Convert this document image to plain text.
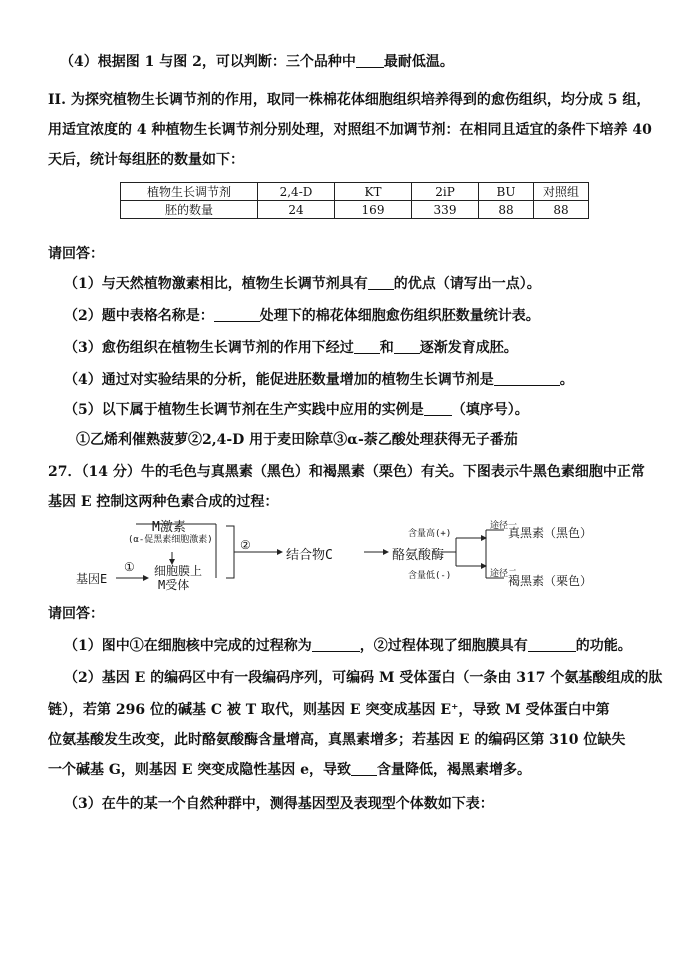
（4）根据图 1 与图 2，可以判断：三个品种中 最耐低温。
II. 为探究植物生长调节剂的作用，取同一株棉花体细胞组织培养得到的愈伤组织，均分成 5 组，
用适宜浓度的 4 种植物生长调节剂分别处理，对照组不加调节剂：在相同且适宜的条件下培养 40
天后，统计每组胚的数量如下：
植物生长调节剂	2,4-D	KT	2iP	BU	对照组
胚的数量	24	169	339	88	88
请回答：
（1）与天然植物激素相比，植物生长调节剂具有 的优点（请写出一点）。
（2）题中表格名称是：	处理下的棉花体细胞愈伤组织胚数量统计表。
（3）愈伤组织在植物生长调节剂的作用下经过 和 逐渐发育成胚。
（4）通过对实验结果的分析，能促进胚数量增加的植物生长调节剂是	。
（5）以下属于植物生长调节剂在生产实践中应用的实例是 （填序号）。
①乙烯利催熟菠萝②2,4-D 用于麦田除草③α-萘乙酸处理获得无子番茄
27．（14 分）牛的毛色与真黑素（黑色）和褐黑素（栗色）有关。下图表示牛黑色素细胞中正常
基因 E 控制这两种色素合成的过程：
M激素
(α-促黑素细胞激素)
基因E
①
②
细胞膜上
M受体
结合物C	酪氨酸酶
含量高(+)
含量低(-)
途径一
途径二
真黑素（黑色）
褐黑素（栗色）
请回答：
（1）图中①在细胞核中完成的过程称为	，②过程体现了细胞膜具有	的功能。
（2）基因 E 的编码区中有一段编码序列，可编码 M 受体蛋白（一条由 317 个氨基酸组成的肽
链），若第 296 位的碱基 C 被 T 取代，则基因 E 突变成基因 E⁺，导致 M 受体蛋白中第
位氨基酸发生改变，此时酪氨酸酶含量增高，真黑素增多；若基因 E 的编码区第 310 位缺失
一个碱基 G，则基因 E 突变成隐性基因 e，导致 含量降低，褐黑素增多。
（3）在牛的某一个自然种群中，测得基因型及表现型个体数如下表：
